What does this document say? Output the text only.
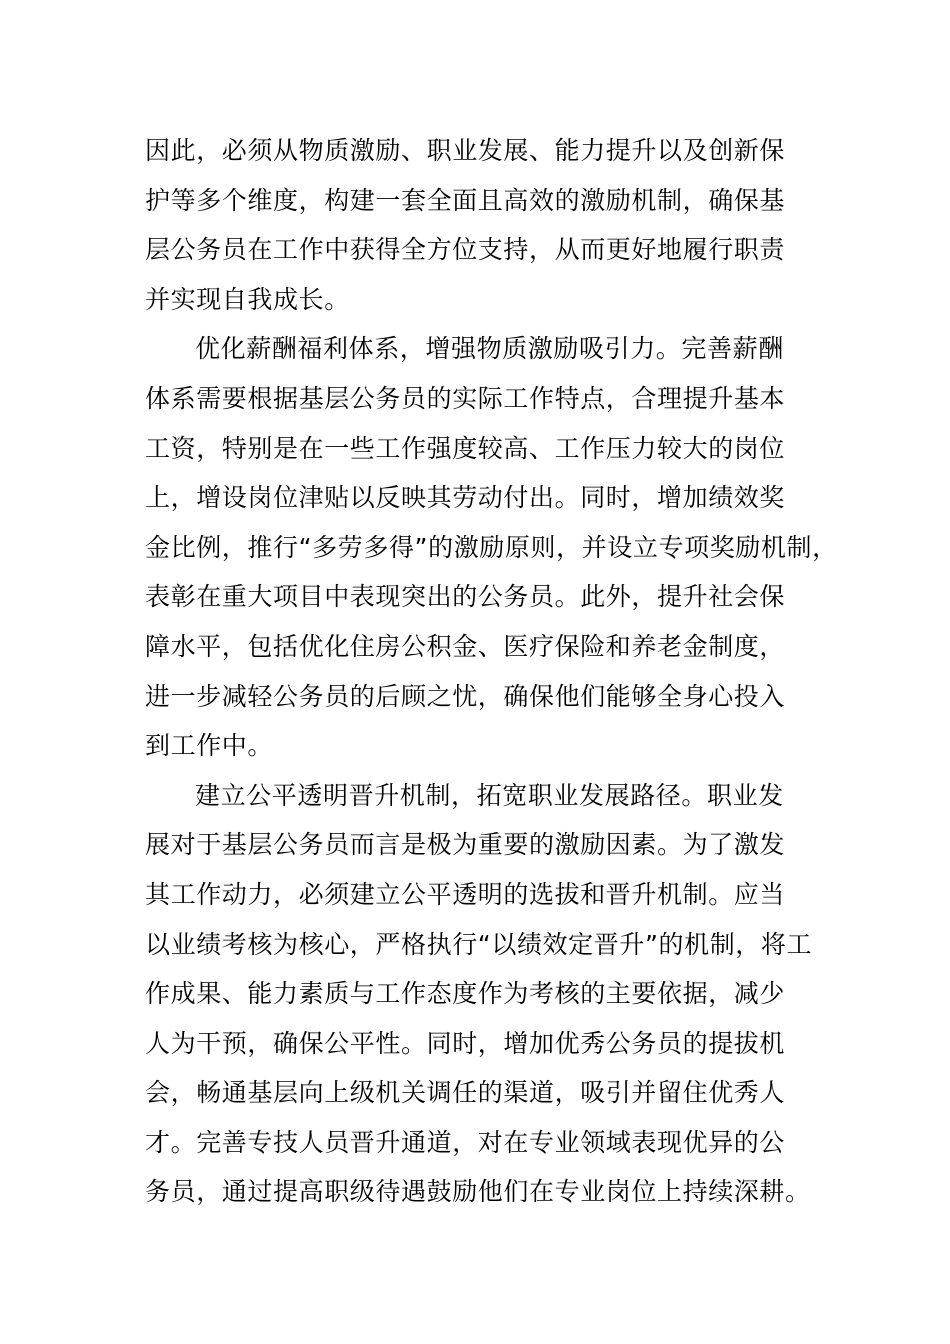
因此，必须从物质激励、职业发展、能力提升以及创新保
护等多个维度，构建一套全面且高效的激励机制，确保基
层公务员在工作中获得全方位支持，从而更好地履行职责
并实现自我成长。
优化薪酬福利体系，增强物质激励吸引力。完善薪酬
体系需要根据基层公务员的实际工作特点，合理提升基本
工资，特别是在一些工作强度较高、工作压力较大的岗位
上，增设岗位津贴以反映其劳动付出。同时，增加绩效奖
金比例，推行“多劳多得”的激励原则，并设立专项奖励机制，
表彰在重大项目中表现突出的公务员。此外，提升社会保
障水平，包括优化住房公积金、医疗保险和养老金制度，
进一步减轻公务员的后顾之忧，确保他们能够全身心投入
到工作中。
建立公平透明晋升机制，拓宽职业发展路径。职业发
展对于基层公务员而言是极为重要的激励因素。为了激发
其工作动力，必须建立公平透明的选拔和晋升机制。应当
以业绩考核为核心，严格执行“以绩效定晋升”的机制，将工
作成果、能力素质与工作态度作为考核的主要依据，减少
人为干预，确保公平性。同时，增加优秀公务员的提拔机
会，畅通基层向上级机关调任的渠道，吸引并留住优秀人
才。完善专技人员晋升通道，对在专业领域表现优异的公
务员，通过提高职级待遇鼓励他们在专业岗位上持续深耕。
